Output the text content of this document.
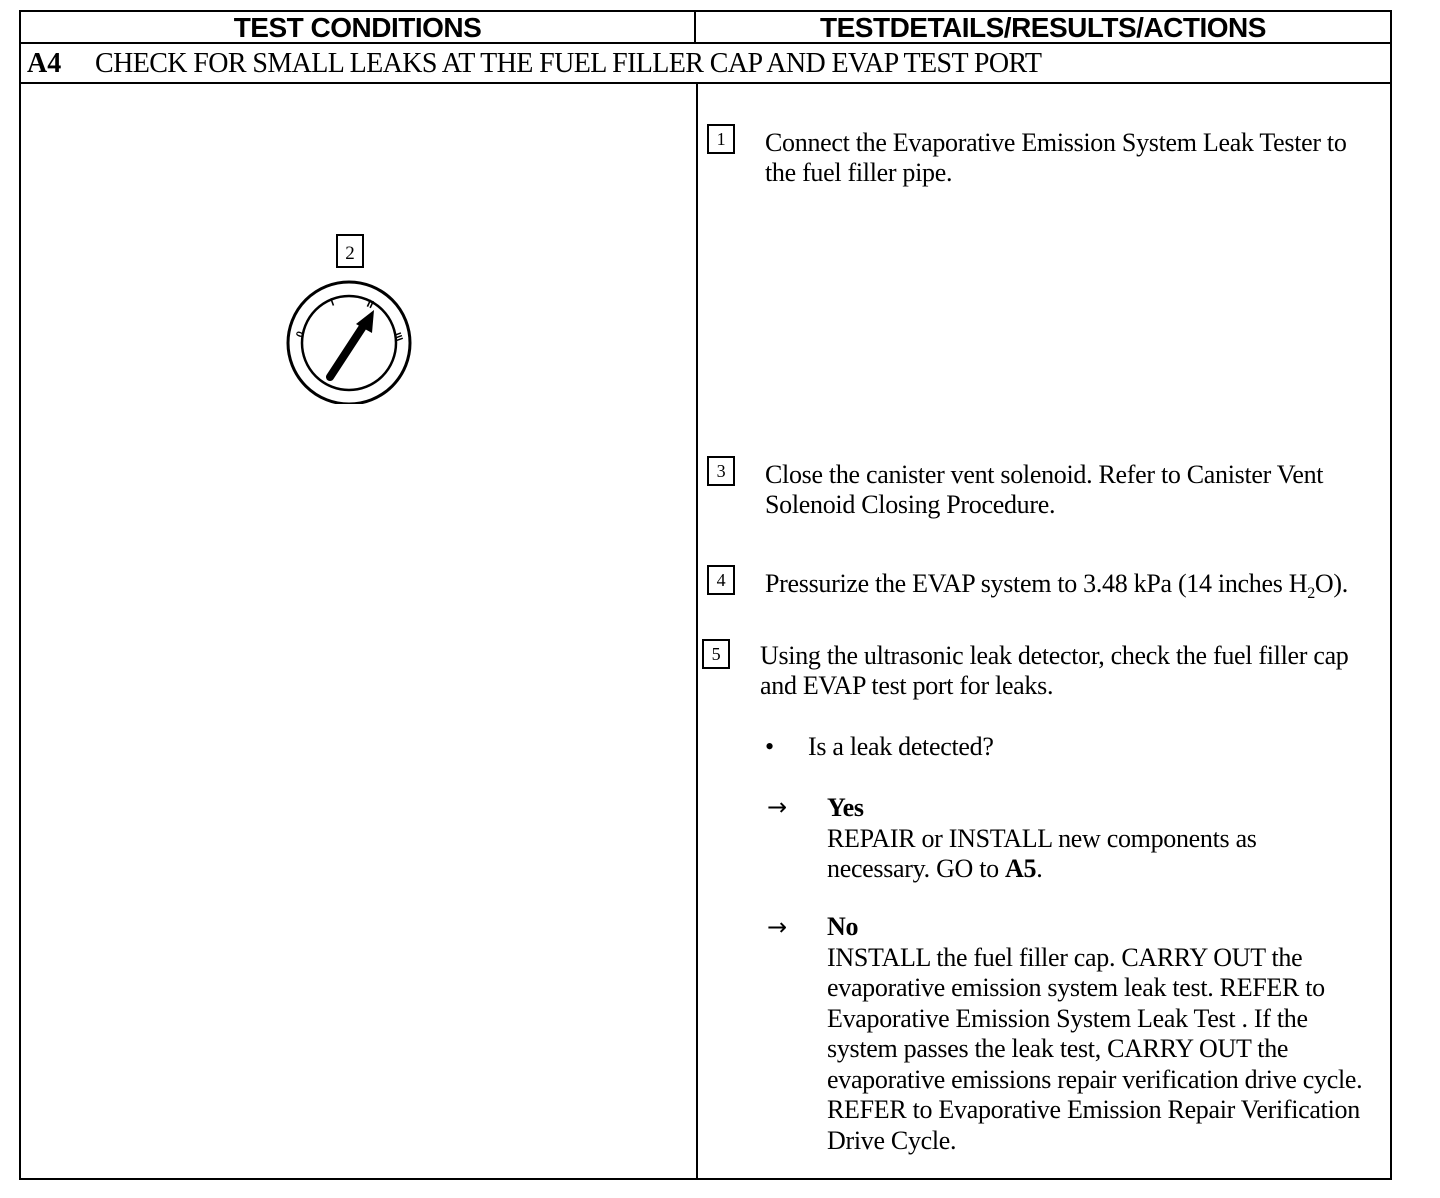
TEST CONDITIONS	TESTDETAILS/RESULTS/ACTIONS
A4 CHECK FOR SMALL LEAKS AT THE FUEL FILLER CAP AND EVAP TEST PORT
2
0
I	II
III
1	Connect the Evaporative Emission System Leak Tester to the fuel filler pipe.
3	Close the canister vent solenoid. Refer to Canister Vent Solenoid Closing Procedure.
4	Pressurize the EVAP system to 3.48 kPa (14 inches $H_2O$).
5	Using the ultrasonic leak detector, check the fuel filler cap and EVAP test port for leaks.
• Is a leak detected?
→ Yes
REPAIR or INSTALL new components as necessary. GO to A5.
→ No
INSTALL the fuel filler cap. CARRY OUT the evaporative emission system leak test. REFER to Evaporative Emission System Leak Test . If the system passes the leak test, CARRY OUT the evaporative emissions repair verification drive cycle.
REFER to Evaporative Emission Repair Verification Drive Cycle.
